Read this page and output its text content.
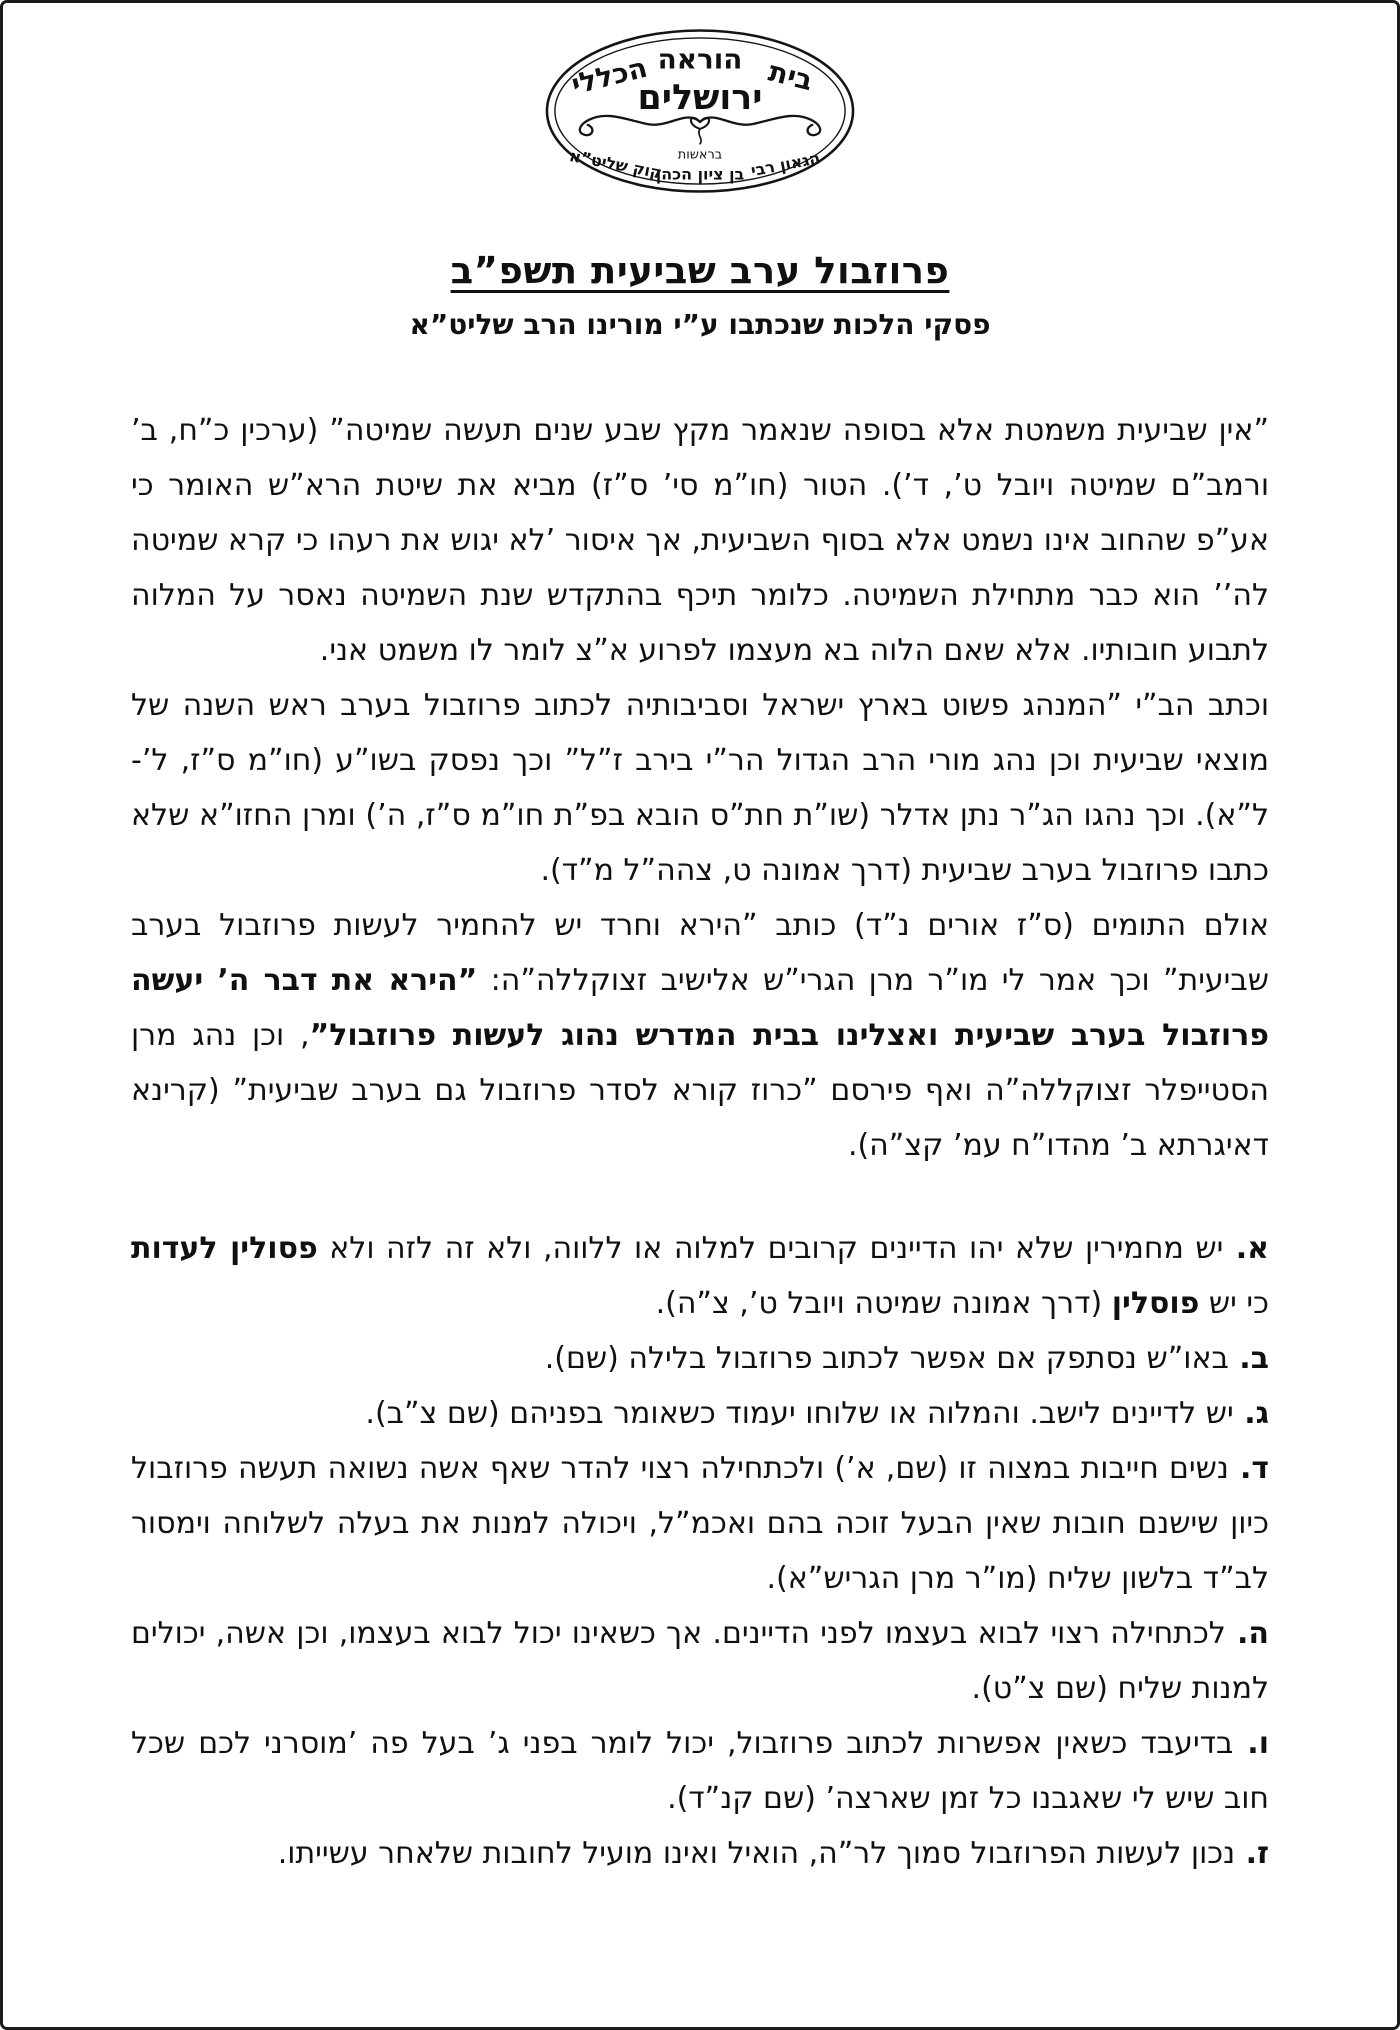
בית
הוראה
הכללי
ירושלים
בראשות הגאון רבי
בן ציון הכהן
קוק שליט”א
פרוזבול ערב שביעית תשפ”ב
פסקי הלכות שנכתבו ע”י מורינו הרב שליט”א

”אין שביעית משמטת אלא בסופה שנאמר מקץ שבע שנים תעשה שמיטה” (ערכין כ”ח, ב’ ורמב”ם שמיטה ויובל ט’, ד’). הטור (חו”מ סי’ ס”ז) מביא את שיטת הרא”ש האומר כי אע”פ שהחוב אינו נשמט אלא בסוף השביעית, אך איסור ’לא יגוש את רעהו כי קרא שמיטה לה’’ הוא כבר מתחילת השמיטה. כלומר תיכף בהתקדש שנת השמיטה נאסר על המלוה לתבוע חובותיו. אלא שאם הלוה בא מעצמו לפרוע א”צ לומר לו משמט אני.

וכתב הב”י ”המנהג פשוט בארץ ישראל וסביבותיה לכתוב פרוזבול בערב ראש השנה של מוצאי שביעית וכן נהג מורי הרב הגדול הר”י בירב ז”ל” וכך נפסק בשו”ע (חו”מ ס”ז, ל’-ל”א). וכך נהגו הג”ר נתן אדלר (שו”ת חת”ס הובא בפ”ת חו”מ ס”ז, ה’) ומרן החזו”א שלא כתבו פרוזבול בערב שביעית (דרך אמונה ט, צהה”ל מ”ד).

אולם התומים (ס”ז אורים נ”ד) כותב ”הירא וחרד יש להחמיר לעשות פרוזבול בערב שביעית” וכך אמר לי מו”ר מרן הגרי”ש אלישיב זצוקללה”ה: ”הירא את דבר ה’ יעשה פרוזבול בערב שביעית ואצלינו בבית המדרש נהוג לעשות פרוזבול”, וכן נהג מרן הסטייפלר זצוקללה”ה ואף פירסם ”כרוז קורא לסדר פרוזבול גם בערב שביעית” (קרינא דאיגרתא ב’ מהדו”ח עמ’ קצ”ה).

א. יש מחמירין שלא יהו הדיינים קרובים למלוה או ללווה, ולא זה לזה ולא פסולין לעדות כי יש פוסלין (דרך אמונה שמיטה ויובל ט’, צ”ה).

ב. באו”ש נסתפק אם אפשר לכתוב פרוזבול בלילה (שם).

ג. יש לדיינים לישב. והמלוה או שלוחו יעמוד כשאומר בפניהם (שם צ”ב).

ד. נשים חייבות במצוה זו (שם, א’) ולכתחילה רצוי להדר שאף אשה נשואה תעשה פרוזבול כיון שישנם חובות שאין הבעל זוכה בהם ואכמ”ל, ויכולה למנות את בעלה לשלוחה וימסור לב”ד בלשון שליח (מו”ר מרן הגריש”א).

ה. לכתחילה רצוי לבוא בעצמו לפני הדיינים. אך כשאינו יכול לבוא בעצמו, וכן אשה, יכולים למנות שליח (שם צ”ט).

ו. בדיעבד כשאין אפשרות לכתוב פרוזבול, יכול לומר בפני ג’ בעל פה ’מוסרני לכם שכל חוב שיש לי שאגבנו כל זמן שארצה’ (שם קנ”ד).

ז. נכון לעשות הפרוזבול סמוך לר”ה, הואיל ואינו מועיל לחובות שלאחר עשייתו.
